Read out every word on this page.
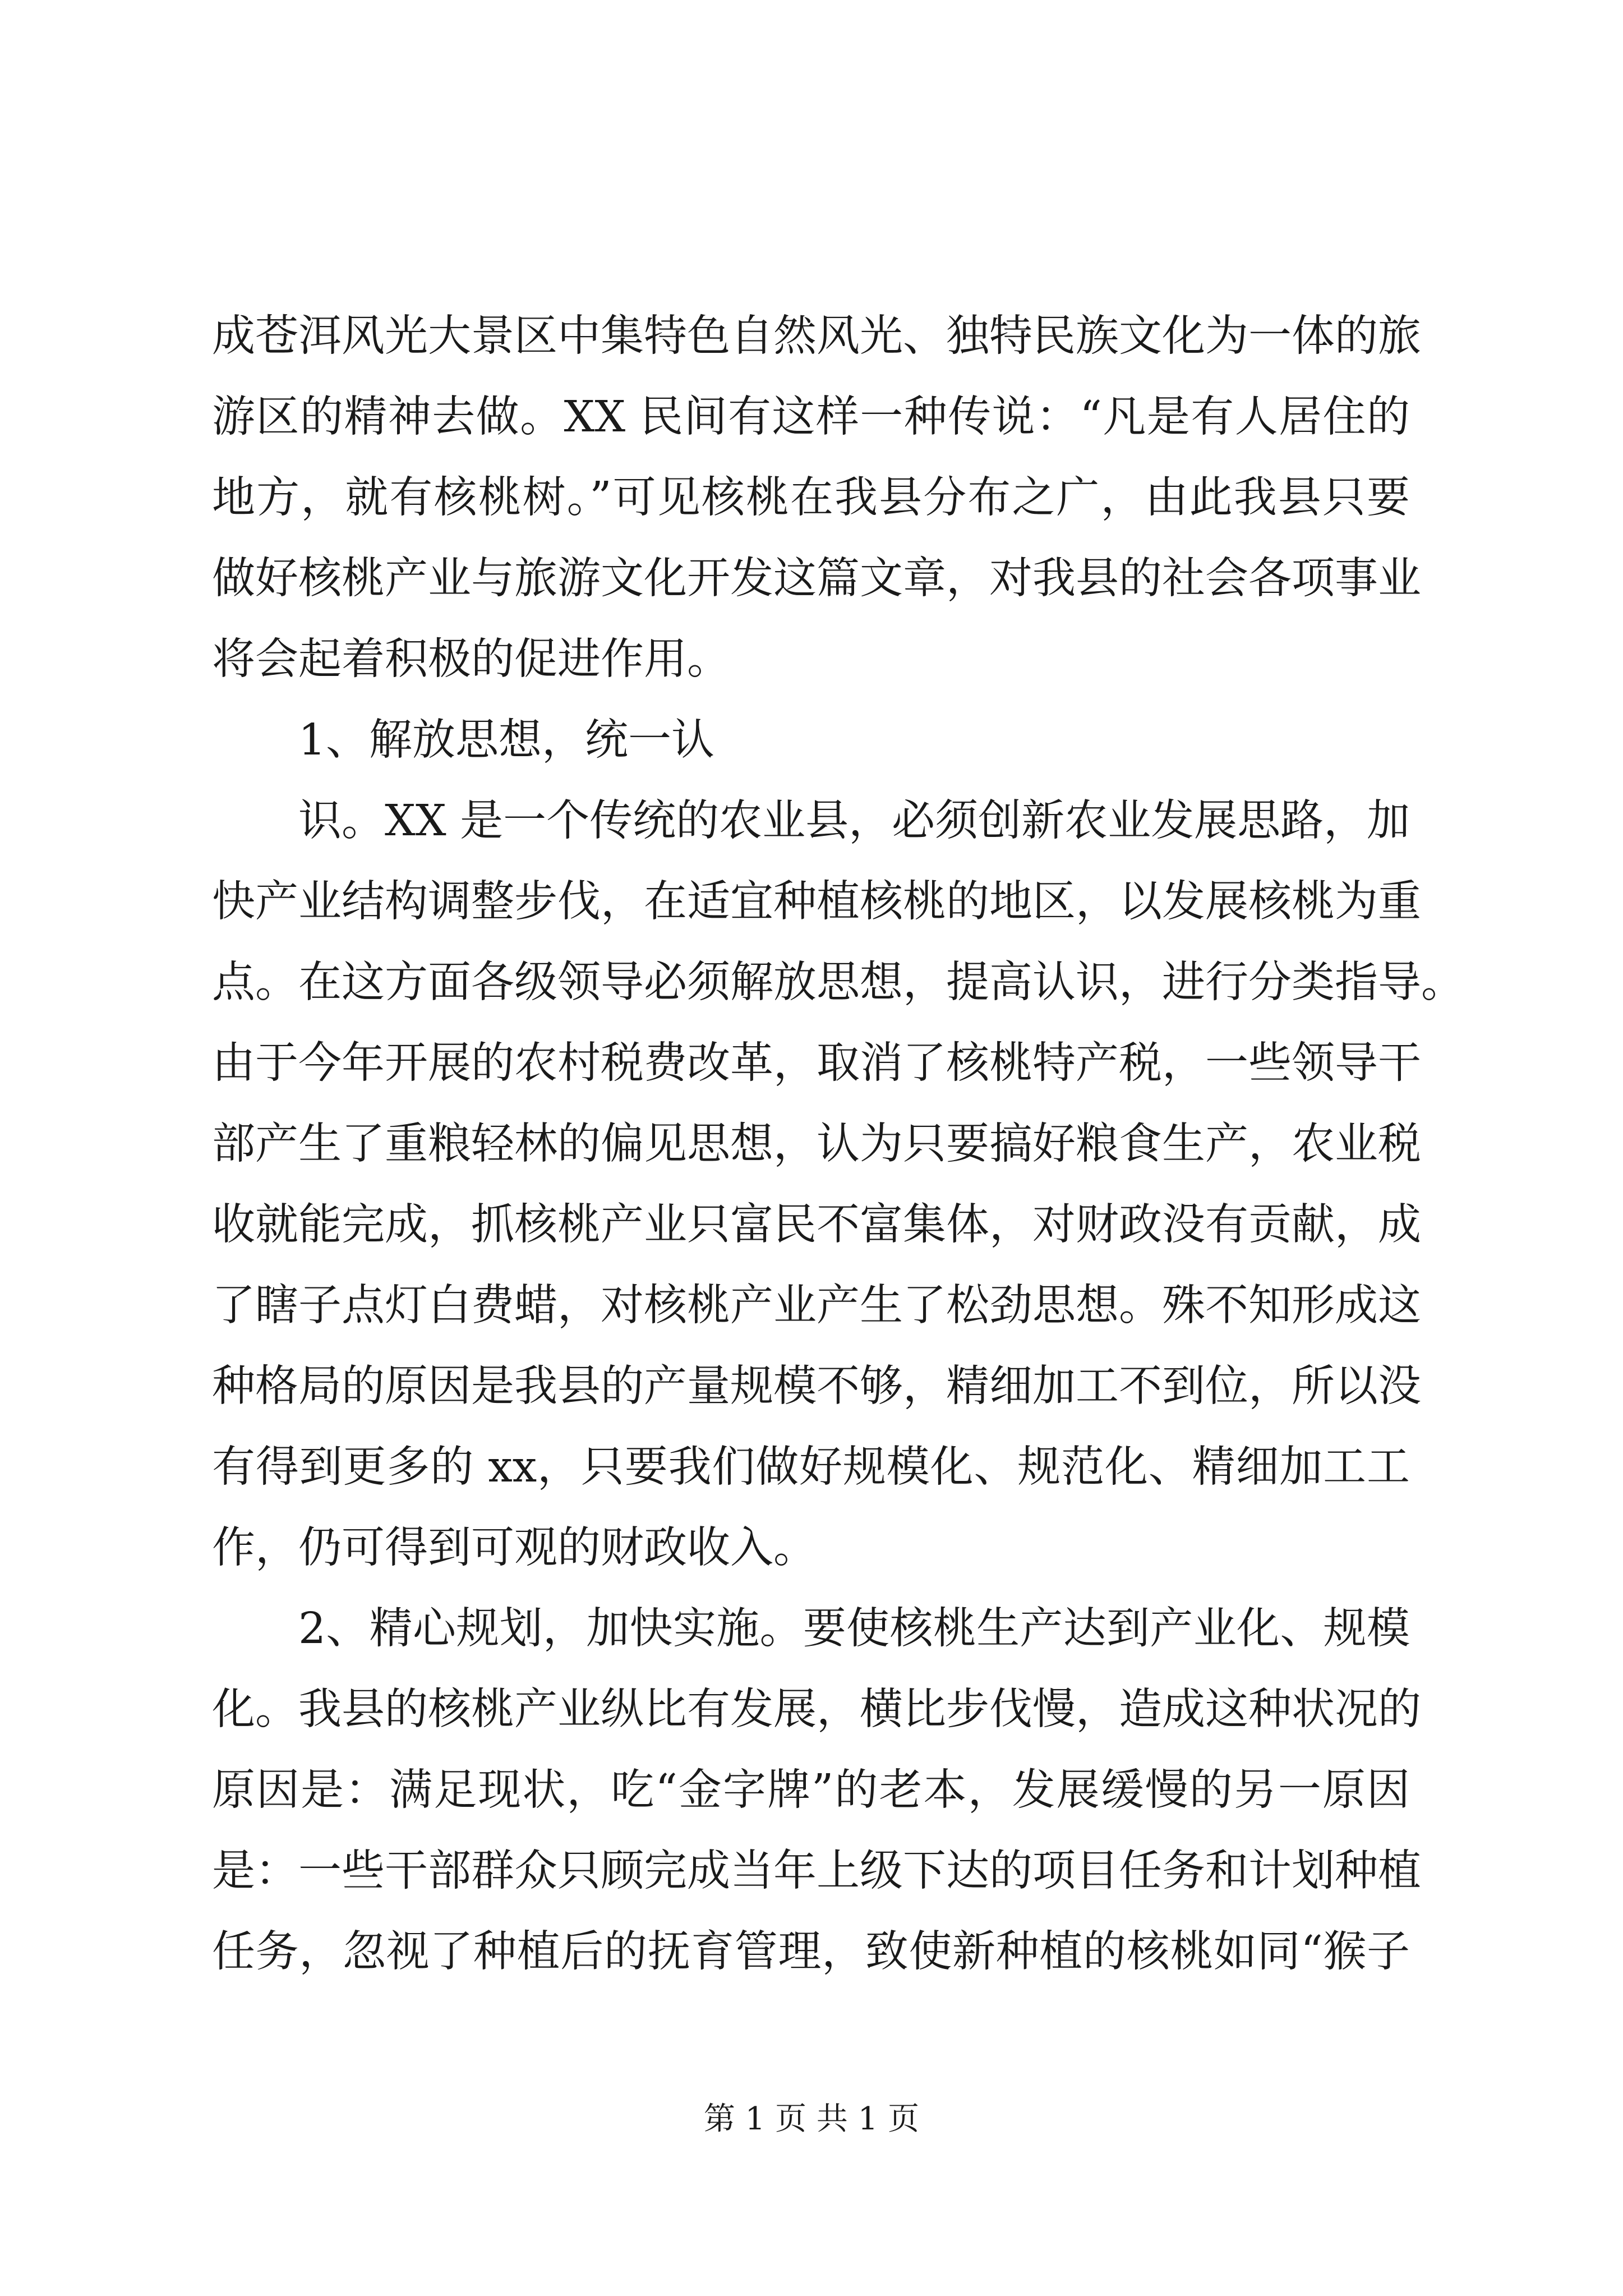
成苍洱风光大景区中集特色自然风光、独特民族文化为一体的旅
游区的精神去做。XX 民间有这样一种传说：“凡是有人居住的
地方，就有核桃树。”可见核桃在我县分布之广，由此我县只要
做好核桃产业与旅游文化开发这篇文章，对我县的社会各项事业
将会起着积极的促进作用。
1、解放思想，统一认
识。XX 是一个传统的农业县，必须创新农业发展思路，加
快产业结构调整步伐，在适宜种植核桃的地区，以发展核桃为重
点。在这方面各级领导必须解放思想，提高认识，进行分类指导。
由于今年开展的农村税费改革，取消了核桃特产税，一些领导干
部产生了重粮轻林的偏见思想，认为只要搞好粮食生产，农业税
收就能完成，抓核桃产业只富民不富集体，对财政没有贡献，成
了瞎子点灯白费蜡，对核桃产业产生了松劲思想。殊不知形成这
种格局的原因是我县的产量规模不够，精细加工不到位，所以没
有得到更多的 xx，只要我们做好规模化、规范化、精细加工工
作，仍可得到可观的财政收入。
2、精心规划，加快实施。要使核桃生产达到产业化、规模
化。我县的核桃产业纵比有发展，横比步伐慢，造成这种状况的
原因是：满足现状，吃“金字牌”的老本，发展缓慢的另一原因
是：一些干部群众只顾完成当年上级下达的项目任务和计划种植
任务，忽视了种植后的抚育管理，致使新种植的核桃如同“猴子
第 1 页 共 1 页
